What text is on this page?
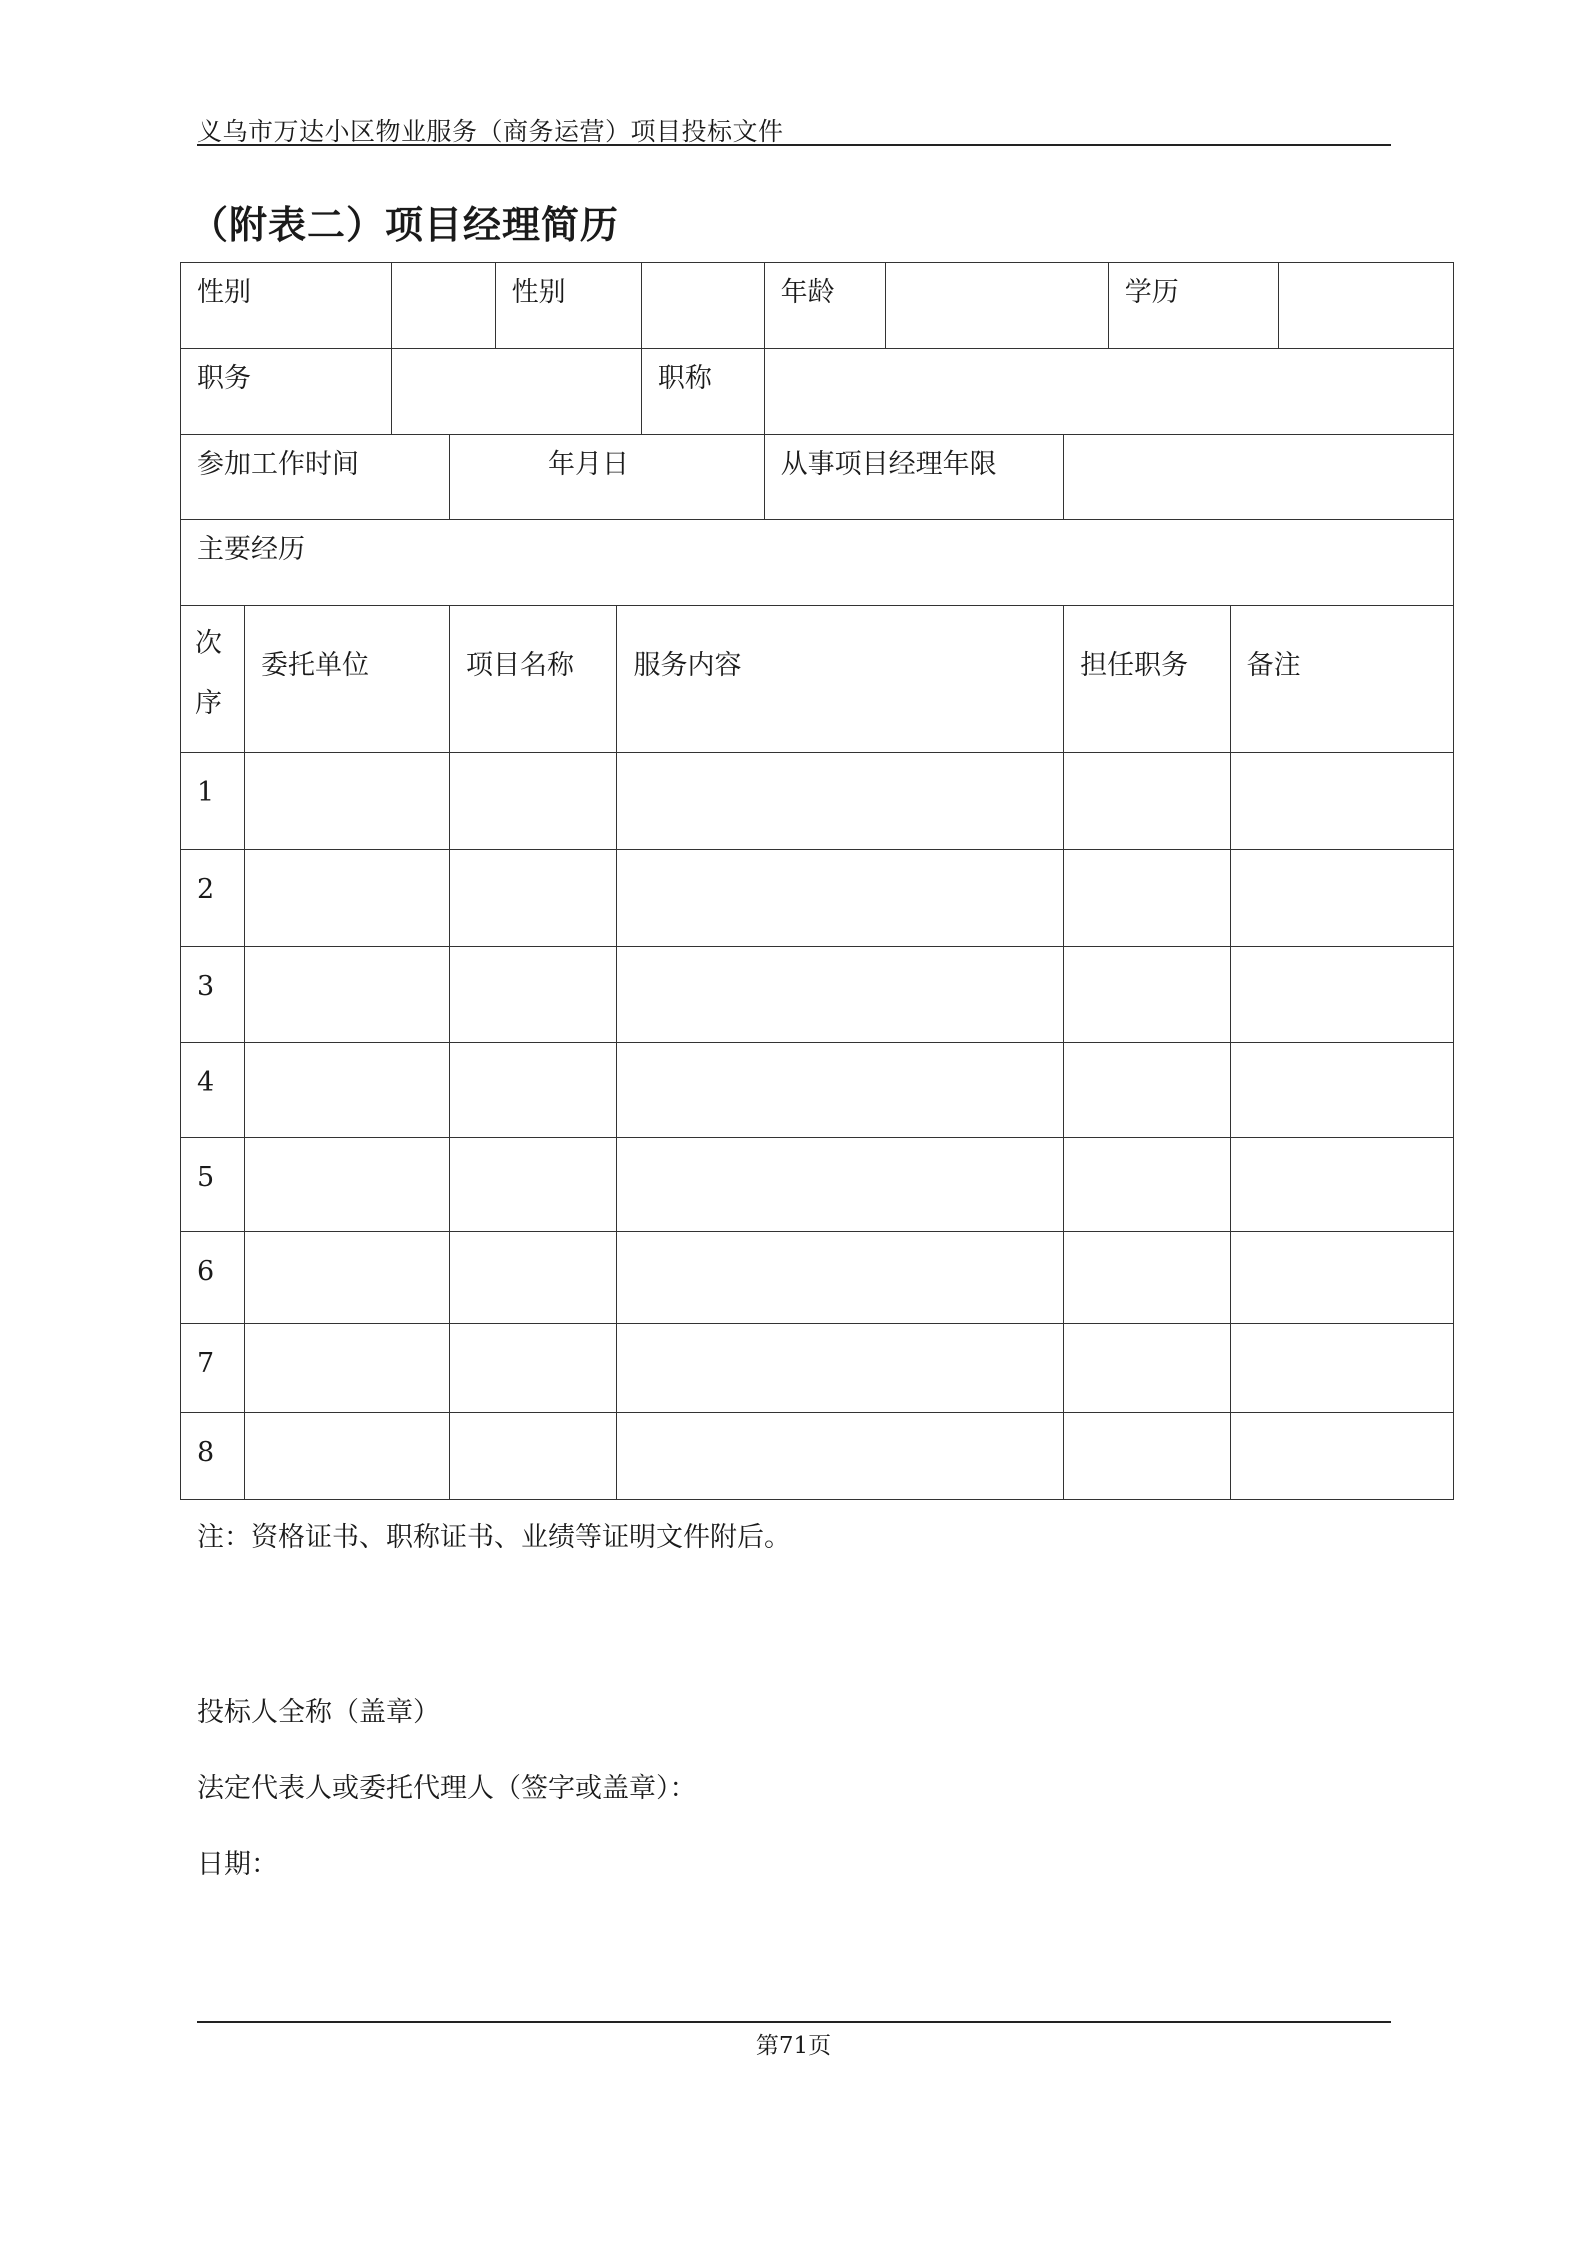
义乌市万达小区物业服务（商务运营）项目投标文件
（附表二）项目经理简历
性别				性别			年龄			学历		
职务						职称						
参加工作时间			年月日				从事项目经理年限					
主要经历												
次序	委托单位		项目名称		服务内容				担任职务		备注	
1												
2												
3												
4												
5												
6												
7												
8												
注：资格证书、职称证书、业绩等证明文件附后。
投标人全称（盖章）
法定代表人或委托代理人（签字或盖章）：
日期：
第71页
